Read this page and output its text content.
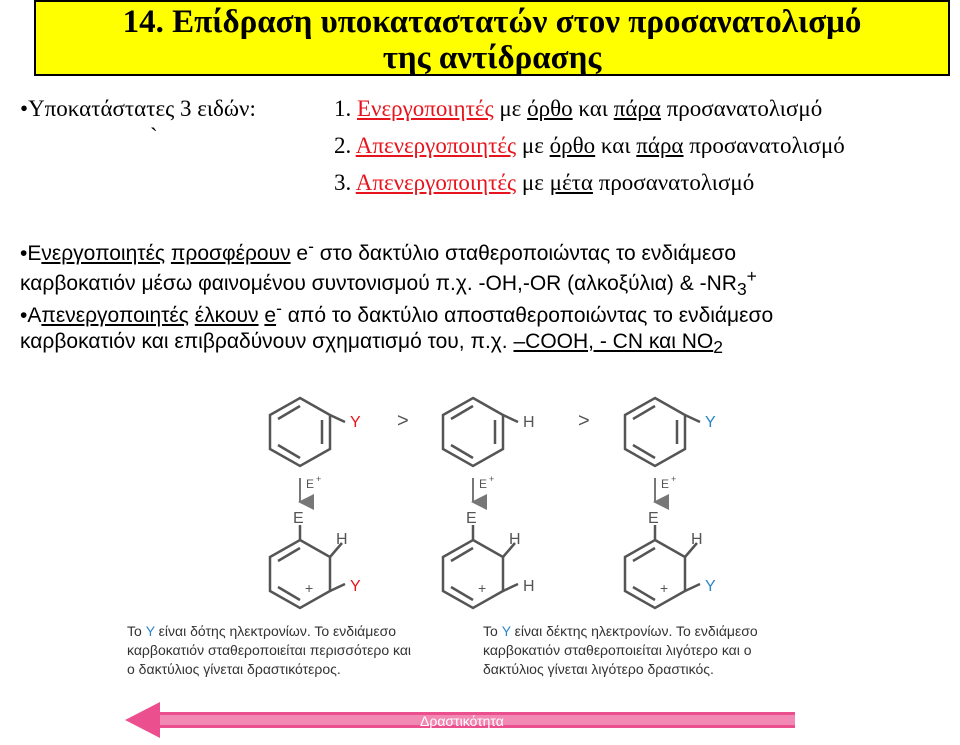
14. Επίδραση υποκαταστατών στον προσανατολισμό
της αντίδρασης
•Υποκατάστατες 3 ειδών:	1. Ενεργοποιητές με όρθο και πάρα προσανατολισμό
`	2. Απενεργοποιητές με όρθο και πάρα προσανατολισμό
3. Απενεργοποιητές με μέτα προσανατολισμό
•Ενεργοποιητές προσφέρουν e- στο δακτύλιο σταθεροποιώντας το ενδιάμεσο
καρβοκατιόν μέσω φαινομένου συντονισμού π.χ. -OH,-OR (αλκοξύλια) & $-NR_3^+$
•Απενεργοποιητές έλκουν e- από το δακτύλιο αποσταθεροποιώντας το ενδιάμεσο
καρβοκατιόν και επιβραδύνουν σχηματισμό του, π.χ. –COOH, - CN και $NO_2$
Y >	H >	Y
E +	E +	E +
E
H
Y
+
E
H
H
+
E
H
Y
+
Δραστικότητα
Το Y είναι δότης ηλεκτρονίων. Το ενδιάμεσο
καρβοκατιόν σταθεροποιείται περισσότερο και
ο δακτύλιος γίνεται δραστικότερος.
Το Y είναι δέκτης ηλεκτρονίων. Το ενδιάμεσο
καρβοκατιόν σταθεροποιείται λιγότερο και ο
δακτύλιος γίνεται λιγότερο δραστικός.
